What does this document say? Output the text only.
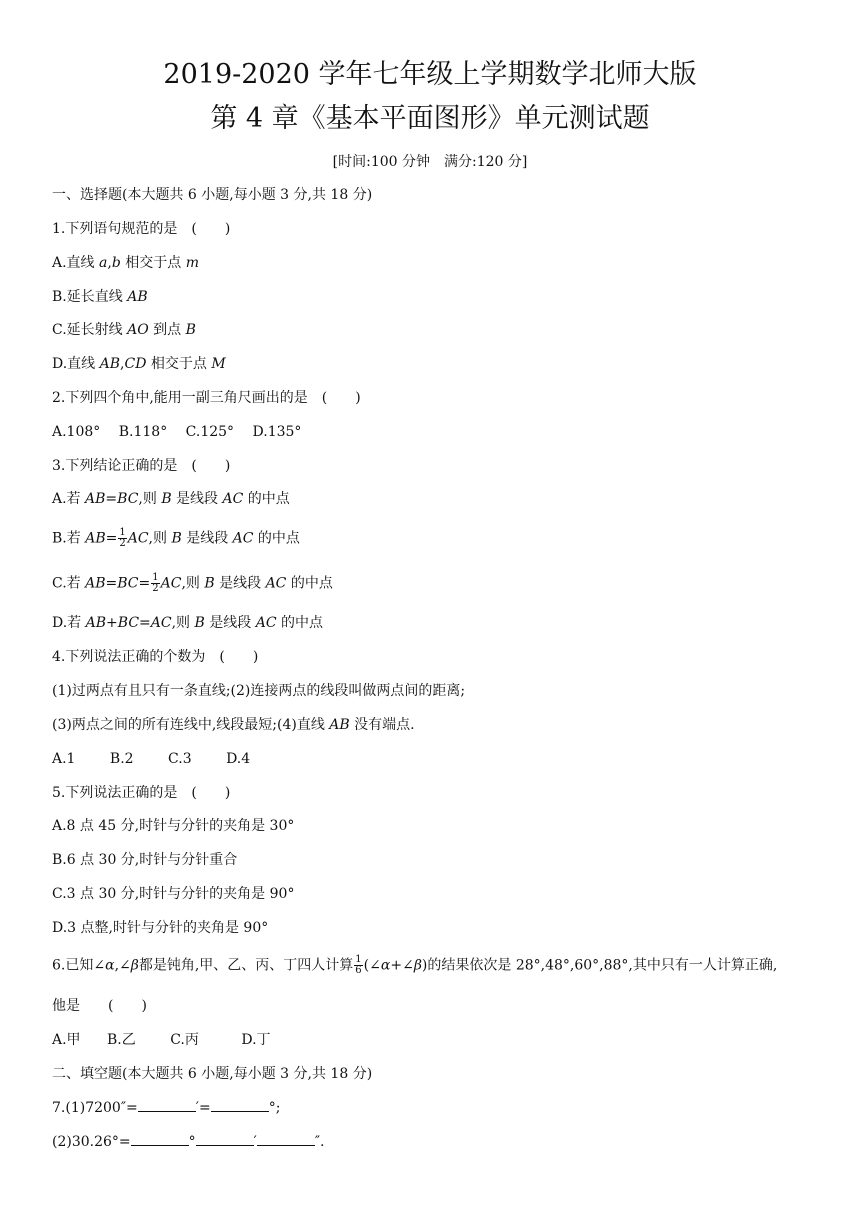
2019-2020 学年七年级上学期数学北师大版
第 4 章《基本平面图形》单元测试题
[时间:100 分钟　满分:120 分]
一、选择题(本大题共 6 小题,每小题 3 分,共 18 分)
1.下列语句规范的是　(　　)
A.直线 a,b 相交于点 m
B.延长直线 AB
C.延长射线 AO 到点 B
D.直线 AB,CD 相交于点 M
2.下列四个角中,能用一副三角尺画出的是　(　　)
A.108° B.118° C.125° D.135°
3.下列结论正确的是　(　　)
A.若 AB=BC,则 B 是线段 AC 的中点
B.若 $AB= \frac{1}{2}$ AC,则 B 是线段 AC 的中点
C.若 $AB=BC= \frac{1}{2}$ AC,则 B 是线段 AC 的中点
D.若 AB+BC=AC,则 B 是线段 AC 的中点
4.下列说法正确的个数为　(　　)
(1)过两点有且只有一条直线;(2)连接两点的线段叫做两点间的距离;
(3)两点之间的所有连线中,线段最短;(4)直线 AB 没有端点.
A.1 B.2 C.3 D.4
5.下列说法正确的是　(　　)
A.8 点 45 分,时针与分针的夹角是 30°
B.6 点 30 分,时针与分针重合
C.3 点 30 分,时针与分针的夹角是 90°
D.3 点整,时针与分针的夹角是 90°
6.已知∠α,∠β都是钝角,甲、乙、丙、丁四人计算 $\frac{1}{6}$ (∠α+∠β)的结果依次是 28°,48°,60°,88°,其中只有一人计算正确,
他是　　(　　)
A.甲 B.乙 C.丙	D.丁
二、填空题(本大题共 6 小题,每小题 3 分,共 18 分)
7.(1)7200″=	′=	°;
(2)30.26°=	°	′	″.
